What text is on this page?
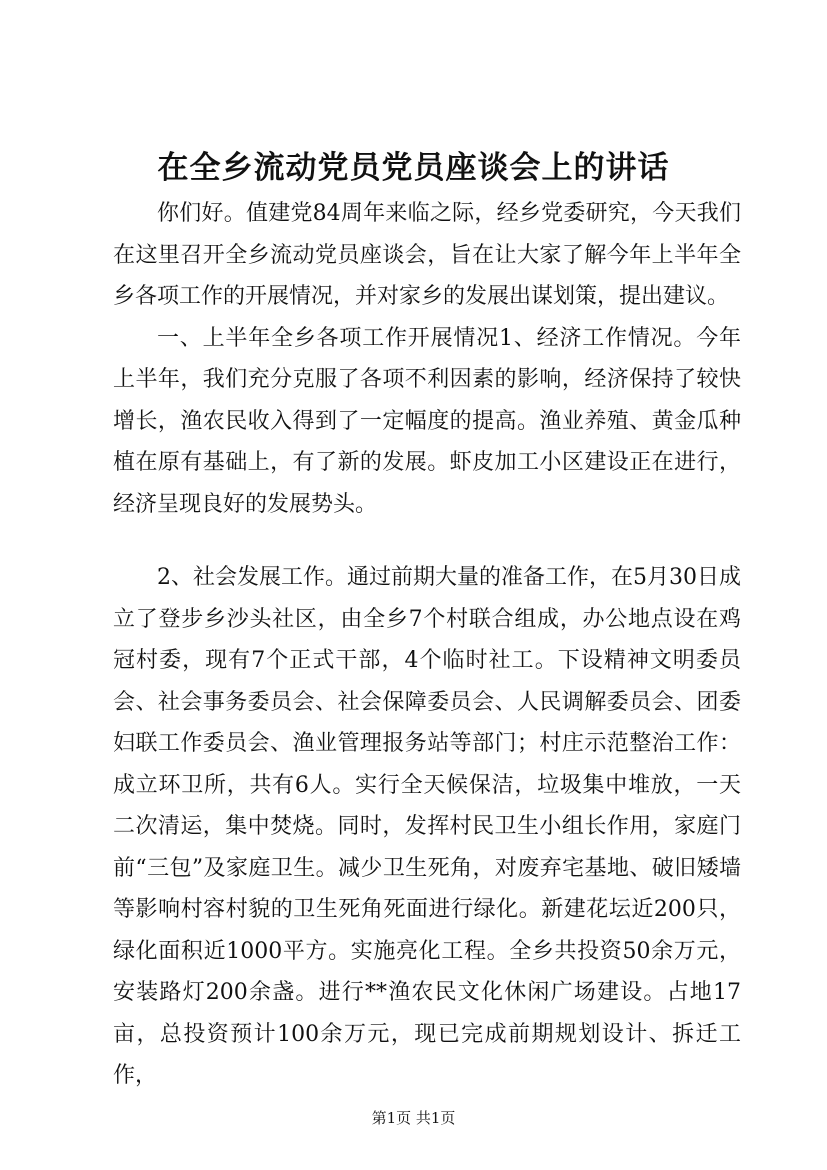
在全乡流动党员党员座谈会上的讲话

你们好。值建党84周年来临之际，经乡党委研究，今天我们在这里召开全乡流动党员座谈会，旨在让大家了解今年上半年全乡各项工作的开展情况，并对家乡的发展出谋划策，提出建议。

一、上半年全乡各项工作开展情况1、经济工作情况。今年上半年，我们充分克服了各项不利因素的影响，经济保持了较快增长，渔农民收入得到了一定幅度的提高。渔业养殖、黄金瓜种植在原有基础上，有了新的发展。虾皮加工小区建设正在进行，经济呈现良好的发展势头。

2、社会发展工作。通过前期大量的准备工作，在5月30日成立了登步乡沙头社区，由全乡7个村联合组成，办公地点设在鸡冠村委，现有7个正式干部，4个临时社工。下设精神文明委员会、社会事务委员会、社会保障委员会、人民调解委员会、团委妇联工作委员会、渔业管理报务站等部门；村庄示范整治工作：成立环卫所，共有6人。实行全天候保洁，垃圾集中堆放，一天二次清运，集中焚烧。同时，发挥村民卫生小组长作用，家庭门前“三包”及家庭卫生。减少卫生死角，对废弃宅基地、破旧矮墙等影响村容村貌的卫生死角死面进行绿化。新建花坛近200只，绿化面积近1000平方。实施亮化工程。全乡共投资50余万元，安装路灯200余盏。进行**渔农民文化休闲广场建设。占地17亩，总投资预计100余万元，现已完成前期规划设计、拆迁工作，

第1页 共1页
